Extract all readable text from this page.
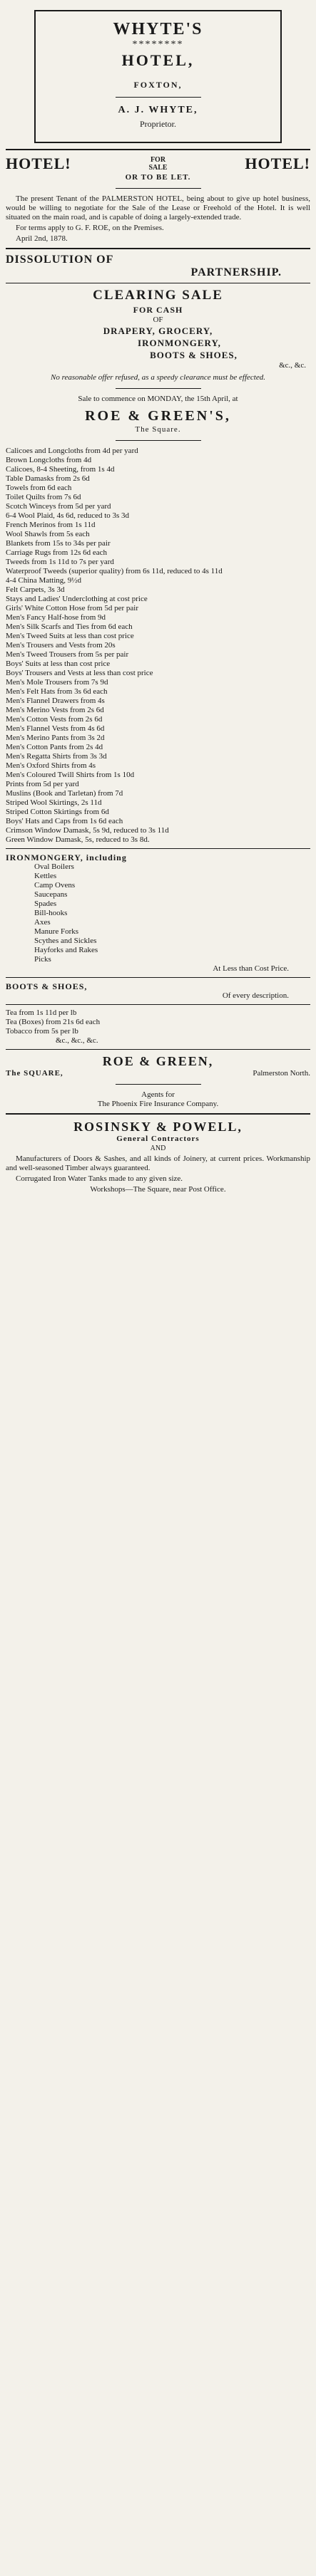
WHYTE'S
********
HOTEL,
FOXTON,
A. J. WHYTE,
Proprietor.
HOTEL!	FOR
SALE	HOTEL!
OR TO BE LET.

The present Tenant of the PALMERSTON HOTEL, being about to give up hotel business, would be willing to negotiate for the Sale of the Lease or Freehold of the Hotel. It is well situated on the main road, and is capable of doing a largely-extended trade.

For terms apply to G. F. ROE, on the Premises.

April 2nd, 1878.

DISSOLUTION OF
PARTNERSHIP.
CLEARING SALE
FOR CASH
OF
DRAPERY, GROCERY,
IRONMONGERY,
BOOTS & SHOES,
&c., &c.
No reasonable offer refused, as a speedy clearance must be effected.
Sale to commence on MONDAY, the 15th April, at
ROE & GREEN'S,
The Square.
Calicoes and Longcloths from 4d per yard
Brown Longcloths from 4d
Calicoes, 8-4 Sheeting, from 1s 4d
Table Damasks from 2s 6d
Towels from 6d each
Toilet Quilts from 7s 6d
Scotch Winceys from 5d per yard
6-4 Wool Plaid, 4s 6d, reduced to 3s 3d
French Merinos from 1s 11d
Wool Shawls from 5s each
Blankets from 15s to 34s per pair
Carriage Rugs from 12s 6d each
Tweeds from 1s 11d to 7s per yard
Waterproof Tweeds (superior quality) from 6s 11d, reduced to 4s 11d
4-4 China Matting, 9½d
Felt Carpets, 3s 3d
Stays and Ladies' Underclothing at cost price
Girls' White Cotton Hose from 5d per pair
Men's Fancy Half-hose from 9d
Men's Silk Scarfs and Ties from 6d each
Men's Tweed Suits at less than cost price
Men's Trousers and Vests from 20s
Men's Tweed Trousers from 5s per pair
Boys' Suits at less than cost price
Boys' Trousers and Vests at less than cost price
Men's Mole Trousers from 7s 9d
Men's Felt Hats from 3s 6d each
Men's Flannel Drawers from 4s
Men's Merino Vests from 2s 6d
Men's Cotton Vests from 2s 6d
Men's Flannel Vests from 4s 6d
Men's Merino Pants from 3s 2d
Men's Cotton Pants from 2s 4d
Men's Regatta Shirts from 3s 3d
Men's Oxford Shirts from 4s
Men's Coloured Twill Shirts from 1s 10d
Prints from 5d per yard
Muslins (Book and Tarletan) from 7d
Striped Wool Skirtings, 2s 11d
Striped Cotton Skirtings from 6d
Boys' Hats and Caps from 1s 6d each
Crimson Window Damask, 5s 9d, reduced to 3s 11d
Green Window Damask, 5s, reduced to 3s 8d.
IRONMONGERY, including
Oval Boilers
Kettles
Camp Ovens
Saucepans
Spades
Bill-hooks
Axes
Manure Forks
Scythes and Sickles
Hayforks and Rakes
Picks
At Less than Cost Price.
BOOTS & SHOES,
Of every description.
Tea from 1s 11d per lb
Tea (Boxes) from 21s 6d each
Tobacco from 5s per lb
&c., &c., &c.
ROE & GREEN,
The SQUARE,	Palmerston North.
Agents for
The Phoenix Fire Insurance Company.
ROSINSKY & POWELL,
General Contractors
AND

Manufacturers of Doors & Sashes, and all kinds of Joinery, at current prices. Workmanship and well-seasoned Timber always guaranteed.

Corrugated Iron Water Tanks made to any given size.

Workshops—The Square, near Post Office.
